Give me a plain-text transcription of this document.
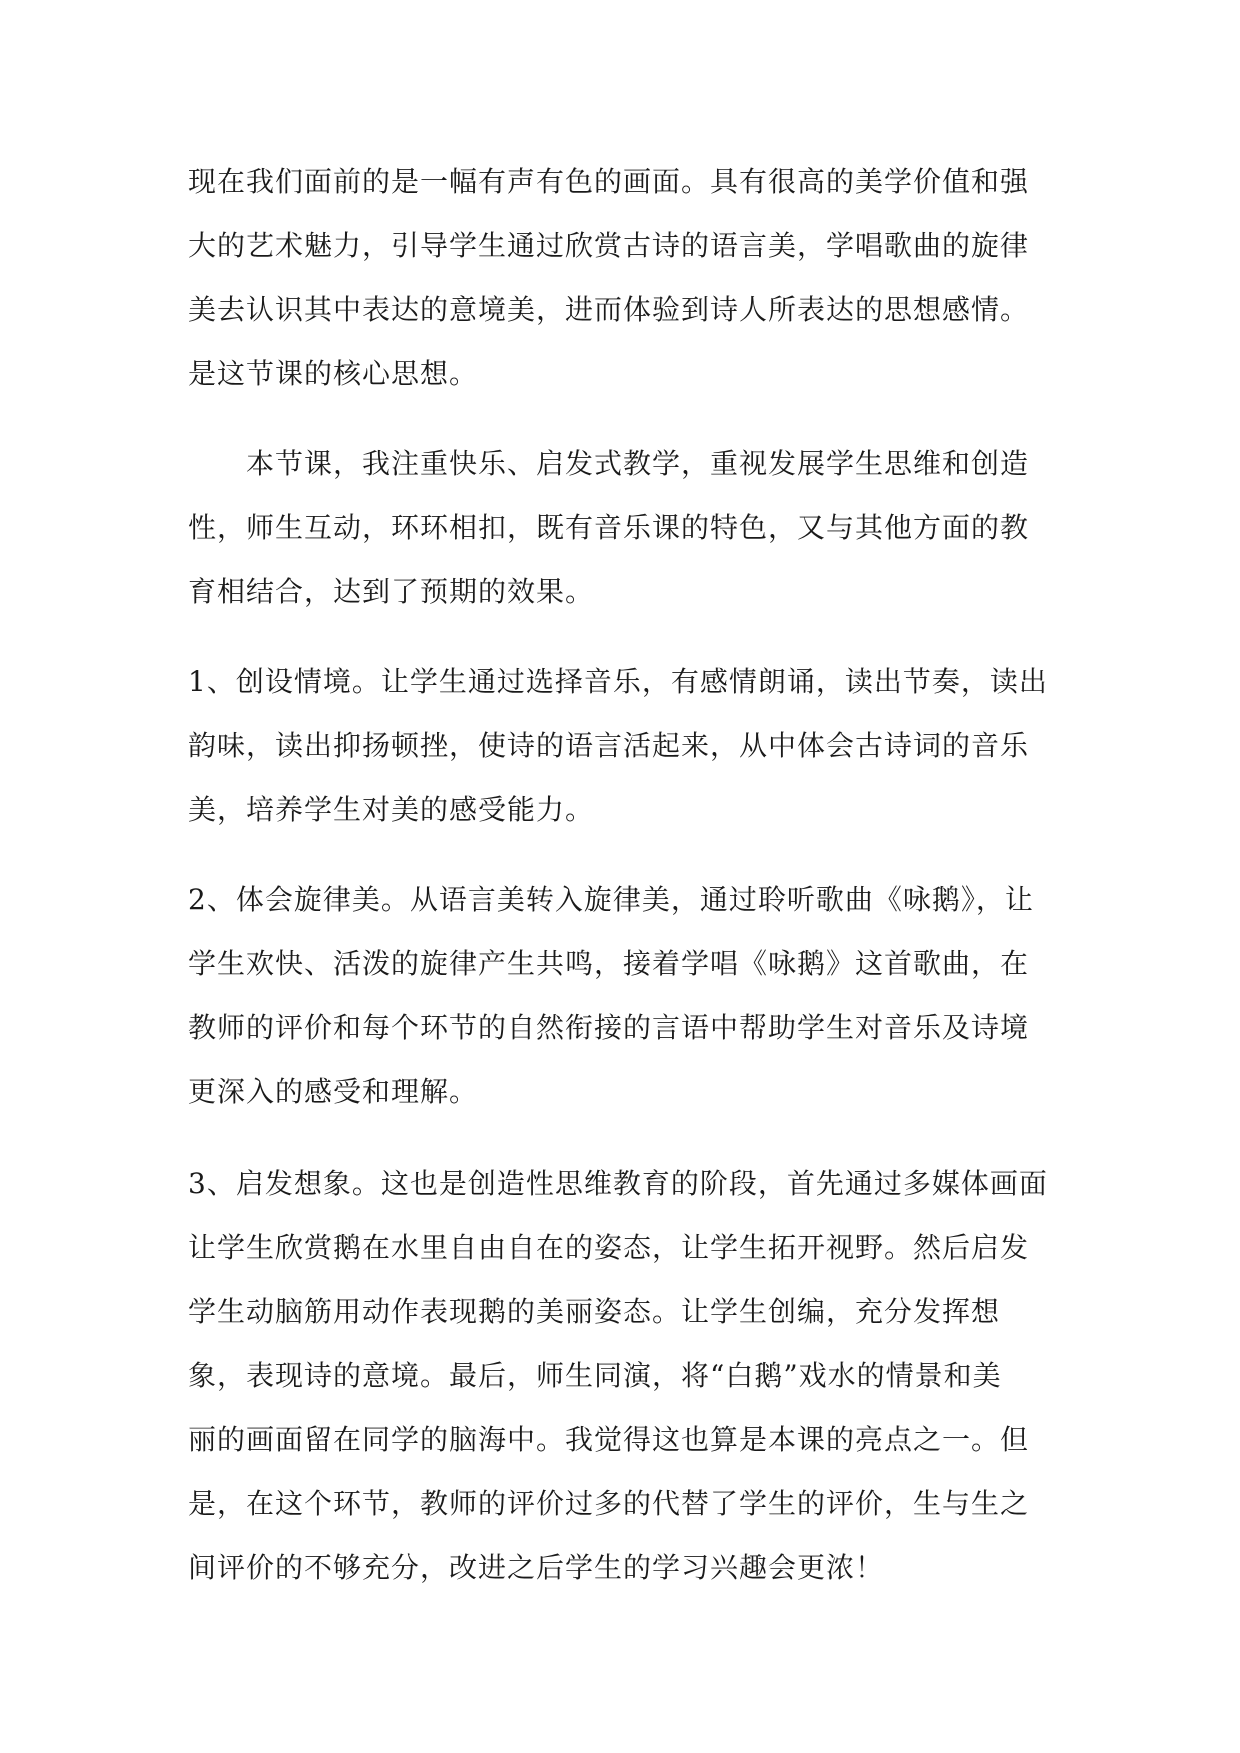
现在我们面前的是一幅有声有色的画面。具有很高的美学价值和强
大的艺术魅力，引导学生通过欣赏古诗的语言美，学唱歌曲的旋律
美去认识其中表达的意境美，进而体验到诗人所表达的思想感情。
是这节课的核心思想。
　　本节课，我注重快乐、启发式教学，重视发展学生思维和创造
性，师生互动，环环相扣，既有音乐课的特色，又与其他方面的教
育相结合，达到了预期的效果。
1、创设情境。让学生通过选择音乐，有感情朗诵，读出节奏，读出
韵味，读出抑扬顿挫，使诗的语言活起来，从中体会古诗词的音乐
美，培养学生对美的感受能力。
2、体会旋律美。从语言美转入旋律美，通过聆听歌曲《咏鹅》，让
学生欢快、活泼的旋律产生共鸣，接着学唱《咏鹅》这首歌曲，在
教师的评价和每个环节的自然衔接的言语中帮助学生对音乐及诗境
更深入的感受和理解。
3、启发想象。这也是创造性思维教育的阶段，首先通过多媒体画面
让学生欣赏鹅在水里自由自在的姿态，让学生拓开视野。然后启发
学生动脑筋用动作表现鹅的美丽姿态。让学生创编，充分发挥想
象，表现诗的意境。最后，师生同演，将“白鹅”戏水的情景和美
丽的画面留在同学的脑海中。我觉得这也算是本课的亮点之一。但
是，在这个环节，教师的评价过多的代替了学生的评价，生与生之
间评价的不够充分，改进之后学生的学习兴趣会更浓！
